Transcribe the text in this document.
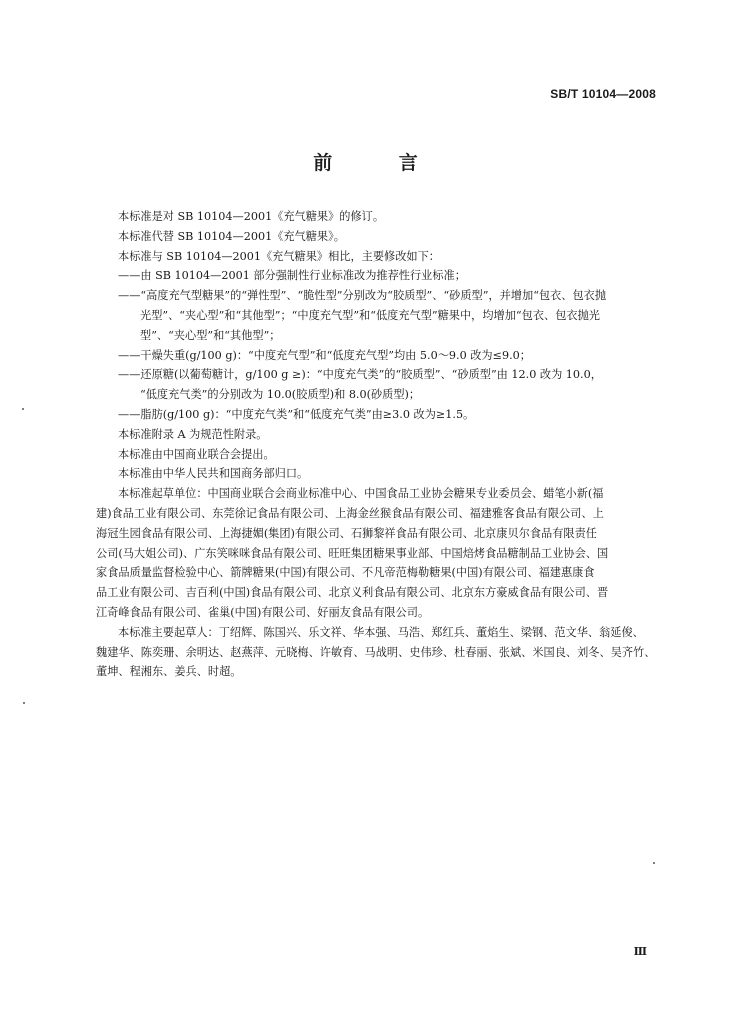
SB/T 10104—2008
前 言

本标准是对 SB 10104—2001《充气糖果》的修订。

本标准代替 SB 10104—2001《充气糖果》。

本标准与 SB 10104—2001《充气糖果》相比，主要修改如下：

——由 SB 10104—2001 部分强制性行业标准改为推荐性行业标准；

——“高度充气型糖果”的“弹性型”、“脆性型”分别改为“胶质型”、“砂质型”，并增加“包衣、包衣抛

光型”、“夹心型”和“其他型”；“中度充气型”和“低度充气型”糖果中，均增加“包衣、包衣抛光

型”、“夹心型”和“其他型”；

——干燥失重(g/100 g)：“中度充气型”和“低度充气型”均由 5.0～9.0 改为≤9.0；

——还原糖(以葡萄糖计，g/100 g ≥)：“中度充气类”的“胶质型”、“砂质型”由 12.0 改为 10.0，

“低度充气类”的分别改为 10.0(胶质型)和 8.0(砂质型)；

——脂肪(g/100 g)：“中度充气类”和“低度充气类”由≥3.0 改为≥1.5。

本标准附录 A 为规范性附录。

本标准由中国商业联合会提出。

本标准由中华人民共和国商务部归口。

本标准起草单位：中国商业联合会商业标准中心、中国食品工业协会糖果专业委员会、蜡笔小新(福

建)食品工业有限公司、东莞徐记食品有限公司、上海金丝猴食品有限公司、福建雅客食品有限公司、上

海冠生园食品有限公司、上海捷媚(集团)有限公司、石狮黎祥食品有限公司、北京康贝尔食品有限责任

公司(马大姐公司)、广东笑咪咪食品有限公司、旺旺集团糖果事业部、中国焙烤食品糖制品工业协会、国

家食品质量监督检验中心、箭牌糖果(中国)有限公司、不凡帝范梅勒糖果(中国)有限公司、福建惠康食

品工业有限公司、吉百利(中国)食品有限公司、北京义利食品有限公司、北京东方豪威食品有限公司、晋

江奇峰食品有限公司、雀巢(中国)有限公司、好丽友食品有限公司。

本标准主要起草人：丁绍辉、陈国兴、乐文祥、华本强、马浩、郑红兵、董焰生、梁钢、范文华、翁延俊、

魏建华、陈奕珊、余明达、赵燕萍、元晓梅、许敏育、马战明、史伟珍、杜春丽、张斌、米国良、刘冬、吴齐竹、

董坤、程湘东、姜兵、时超。

Ⅲ
